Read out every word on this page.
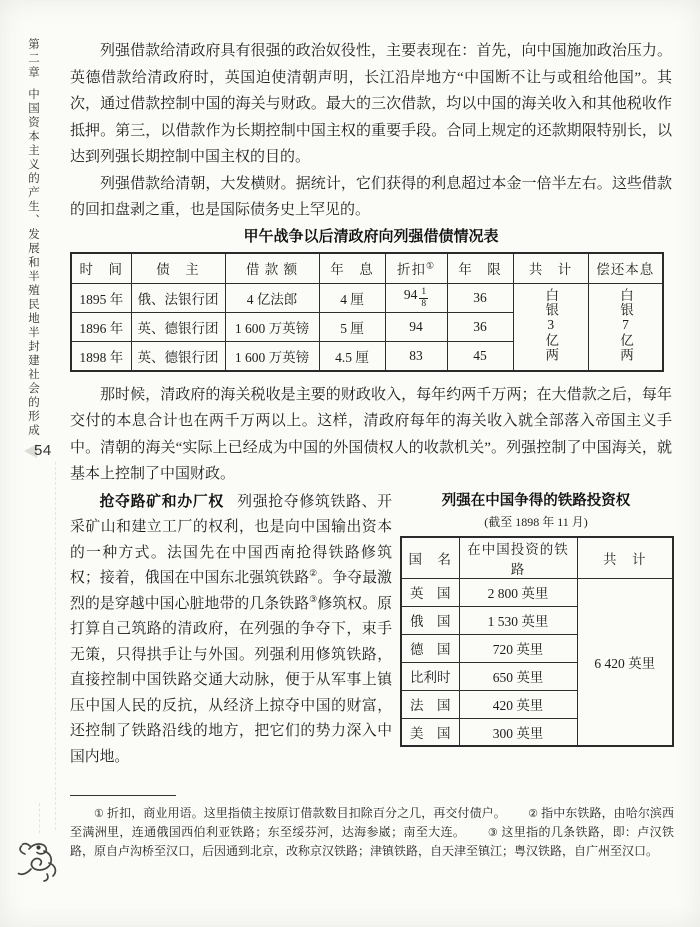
第二章
中国资本主义的产生、发展和半殖民地半封建社会的形成
54

列强借款给清政府具有很强的政治奴役性，主要表现在：首先，向中国施加政治压力。英德借款给清政府时，英国迫使清朝声明，长江沿岸地方“中国断不让与或租给他国”。其次，通过借款控制中国的海关与财政。最大的三次借款，均以中国的海关收入和其他税收作抵押。第三，以借款作为长期控制中国主权的重要手段。合同上规定的还款期限特别长，以达到列强长期控制中国主权的目的。

列强借款给清朝，大发横财。据统计，它们获得的利息超过本金一倍半左右。这些借款的回扣盘剥之重，也是国际债务史上罕见的。

甲午战争以后清政府向列强借债情况表
时　间	债　主	借 款 额	年　息	折扣①	年　限	共　计	偿还本息
1895 年	俄、法银行团	4 亿法郎	4 厘	$94 \frac{1}{8}$	36	白银3亿两	白银7亿两
1896 年	英、德银行团	1 600 万英镑	5 厘	94	36		
1898 年	英、德银行团	1 600 万英镑	4.5 厘	83	45		

那时候，清政府的海关税收是主要的财政收入，每年约两千万两；在大借款之后，每年交付的本息合计也在两千万两以上。这样，清政府每年的海关收入就全部落入帝国主义手中。清朝的海关“实际上已经成为中国的外国债权人的收款机关”。列强控制了中国海关，就基本上控制了中国财政。

抢夺路矿和办厂权 列强抢夺修筑铁路、开采矿山和建立工厂的权利，也是向中国输出资本的一种方式。法国先在中国西南抢得铁路修筑权；接着，俄国在中国东北强筑铁路②。争夺最激烈的是穿越中国心脏地带的几条铁路③修筑权。原打算自己筑路的清政府，在列强的争夺下，束手无策，只得拱手让与外国。列强利用修筑铁路，直接控制中国铁路交通大动脉，便于从军事上镇压中国人民的反抗，从经济上掠夺中国的财富，还控制了铁路沿线的地方，把它们的势力深入中国内地。

列强在中国争得的铁路投资权
(截至 1898 年 11 月)
国　名	在中国投资的铁路	共　计
英　国	2 800 英里	6 420 英里
俄　国	1 530 英里	
德　国	720 英里	
比利时	650 英里	
法　国	420 英里	
美　国	300 英里	

① 折扣，商业用语。这里指债主按原订借款数目扣除百分之几，再交付债户。 ② 指中东铁路，由哈尔滨西至满洲里，连通俄国西伯利亚铁路；东至绥芬河，达海参崴；南至大连。 ③ 这里指的几条铁路，即：卢汉铁路，原自卢沟桥至汉口，后因通到北京，改称京汉铁路；津镇铁路，自天津至镇江；粤汉铁路，自广州至汉口。
